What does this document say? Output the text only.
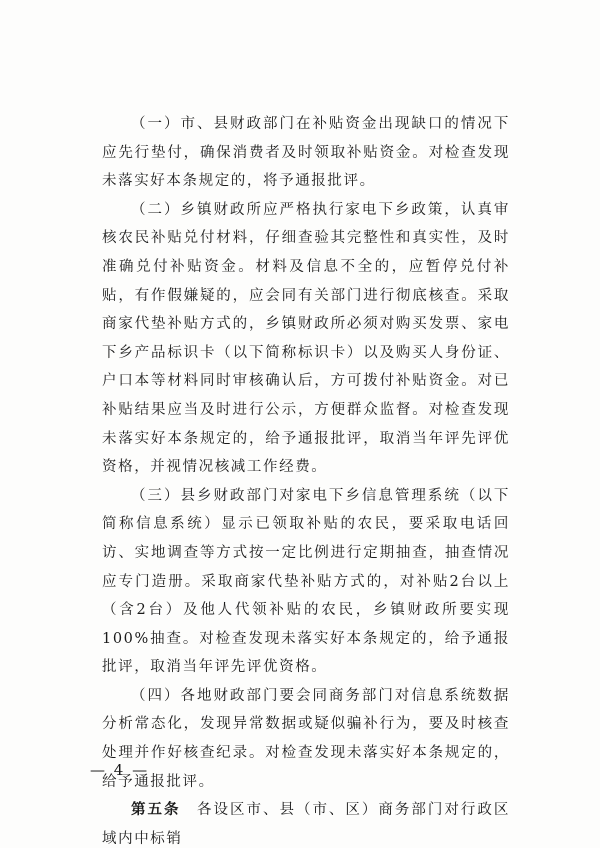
（一）市、县财政部门在补贴资金出现缺口的情况下应先行垫付，确保消费者及时领取补贴资金。对检查发现未落实好本条规定的，将予通报批评。

（二）乡镇财政所应严格执行家电下乡政策，认真审核农民补贴兑付材料，仔细查验其完整性和真实性，及时准确兑付补贴资金。材料及信息不全的，应暂停兑付补贴，有作假嫌疑的，应会同有关部门进行彻底核查。采取商家代垫补贴方式的，乡镇财政所必须对购买发票、家电下乡产品标识卡（以下简称标识卡）以及购买人身份证、户口本等材料同时审核确认后，方可拨付补贴资金。对已补贴结果应当及时进行公示，方便群众监督。对检查发现未落实好本条规定的，给予通报批评，取消当年评先评优资格，并视情况核减工作经费。

（三）县乡财政部门对家电下乡信息管理系统（以下简称信息系统）显示已领取补贴的农民，要采取电话回访、实地调查等方式按一定比例进行定期抽查，抽查情况应专门造册。采取商家代垫补贴方式的，对补贴2台以上（含2台）及他人代领补贴的农民，乡镇财政所要实现100%抽查。对检查发现未落实好本条规定的，给予通报批评，取消当年评先评优资格。

（四）各地财政部门要会同商务部门对信息系统数据分析常态化，发现异常数据或疑似骗补行为，要及时核查处理并作好核查纪录。对检查发现未落实好本条规定的，给予通报批评。

第五条　各设区市、县（市、区）商务部门对行政区域内中标销

— 4 —
